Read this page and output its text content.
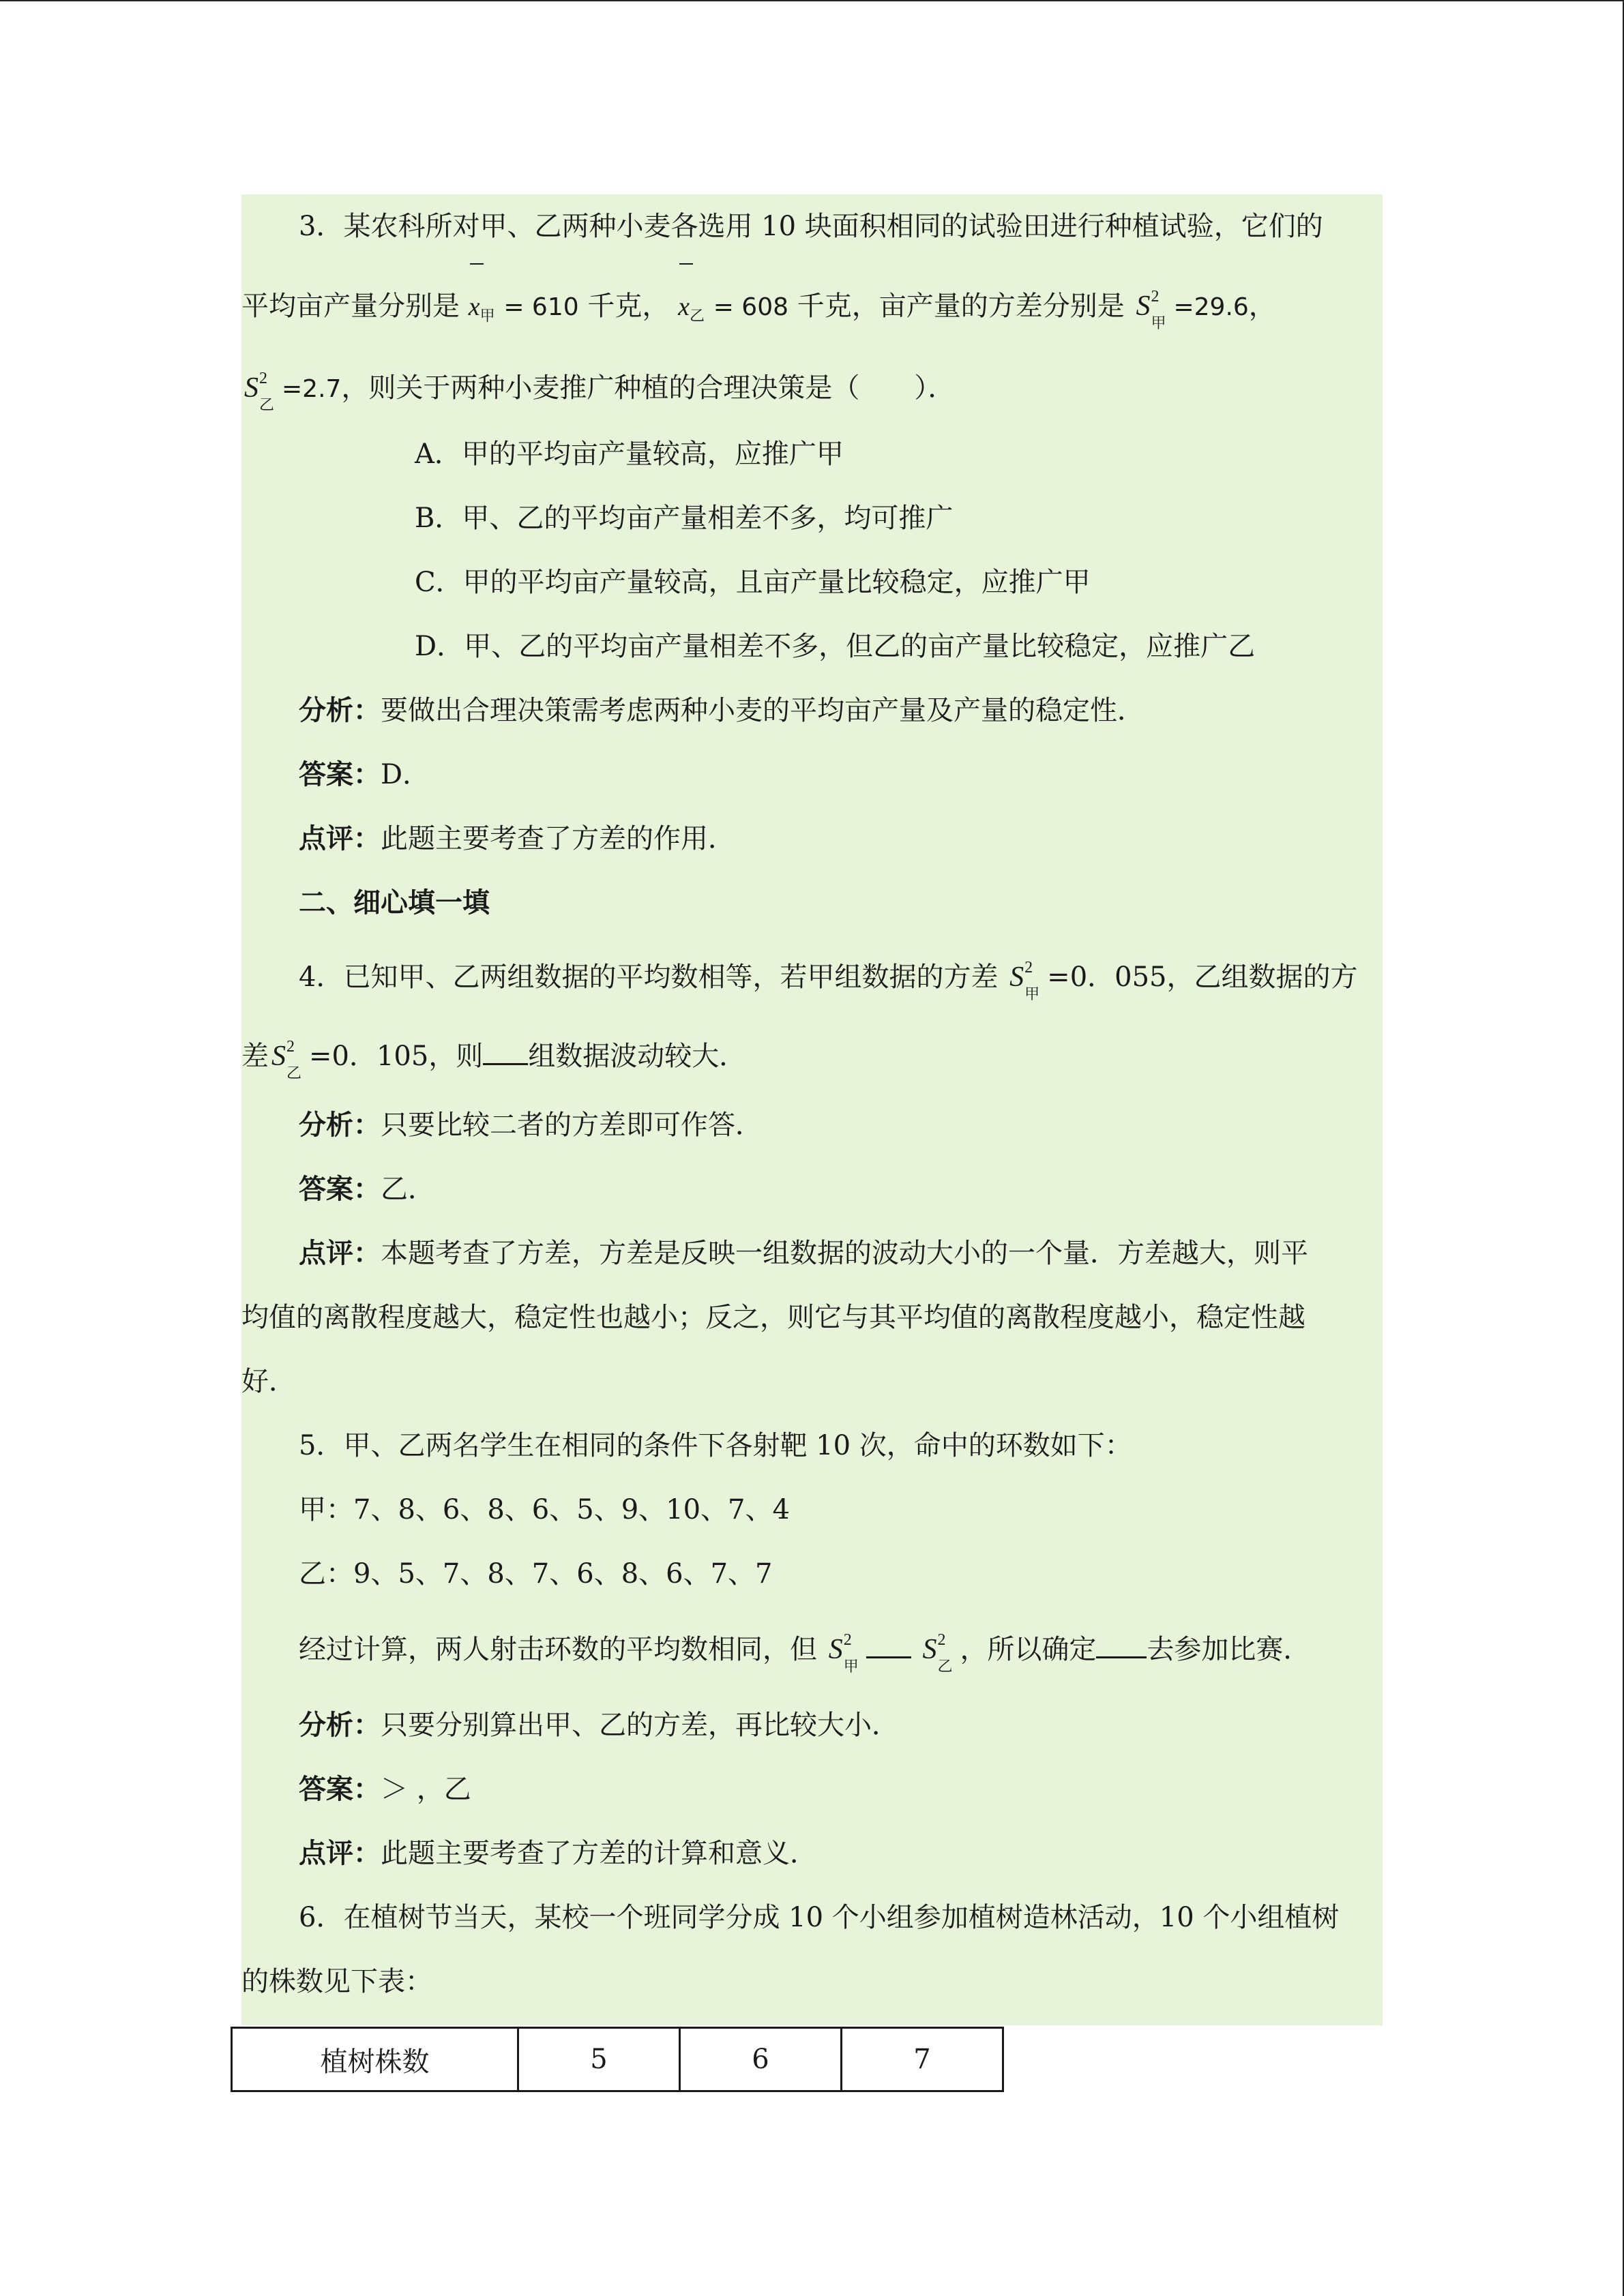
3．某农科所对甲、乙两种小麦各选用 10 块面积相同的试验田进行种植试验，它们的
平均亩产量分别是 $x_甲 = 610$ 千克， $x_乙 = 608$ 千克，亩产量的方差分别是 S 2
甲
=29.6，
S 2
乙
=2.7，则关于两种小麦推广种植的合理决策是（　　）．
A．甲的平均亩产量较高，应推广甲
B．甲、乙的平均亩产量相差不多，均可推广
C．甲的平均亩产量较高，且亩产量比较稳定，应推广甲
D．甲、乙的平均亩产量相差不多，但乙的亩产量比较稳定，应推广乙
分析：要做出合理决策需考虑两种小麦的平均亩产量及产量的稳定性．
答案：D．
点评：此题主要考查了方差的作用．
二、细心填一填
4．已知甲、乙两组数据的平均数相等，若甲组数据的方差 S 2
甲
=0．055，乙组数据的方
差S 2
乙
=0．105，则 组数据波动较大．
分析：只要比较二者的方差即可作答．
答案：乙．
点评：本题考查了方差，方差是反映一组数据的波动大小的一个量．方差越大，则平
均值的离散程度越大，稳定性也越小；反之，则它与其平均值的离散程度越小，稳定性越
好．
5．甲、乙两名学生在相同的条件下各射靶 10 次，命中的环数如下：
甲：7、8、6、8、6、5、9、10、7、4
乙：9、5、7、8、7、6、8、6、7、7
经过计算，两人射击环数的平均数相同，但 S 2
甲
S 2
乙
，所以确定 去参加比赛．
分析：只要分别算出甲、乙的方差，再比较大小．
答案：＞ ，乙
点评：此题主要考查了方差的计算和意义．
6．在植树节当天，某校一个班同学分成 10 个小组参加植树造林活动，10 个小组植树
的株数见下表：
植树株数	5	6	7
